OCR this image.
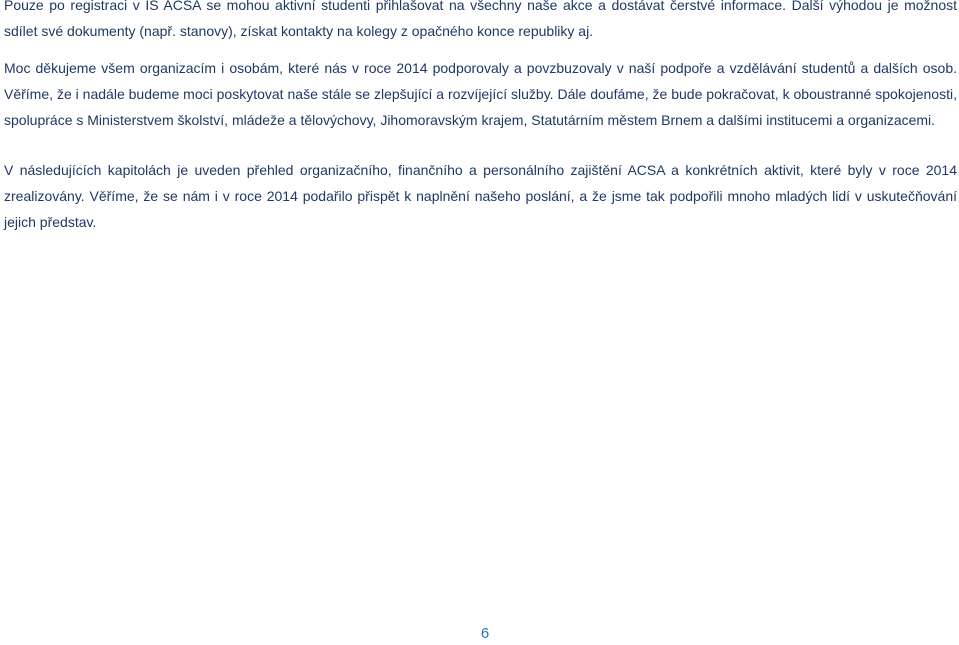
Pouze po registraci v IS ACSA se mohou aktivní studenti přihlašovat na všechny naše akce a dostávat čerstvé informace. Další výhodou je možnost sdílet své dokumenty (např. stanovy), získat kontakty na kolegy z opačného konce republiky aj.

Moc děkujeme všem organizacím i osobám, které nás v roce 2014 podporovaly a povzbuzovaly v naší podpoře a vzdělávání studentů a dalších osob. Věříme, že i nadále budeme moci poskytovat naše stále se zlepšující a rozvíjející služby. Dále doufáme, že bude pokračovat, k oboustranné spokojenosti, spolupráce s Ministerstvem školství, mládeže a tělovýchovy, Jihomoravským krajem, Statutárním městem Brnem a dalšími institucemi a organizacemi.

V následujících kapitolách je uveden přehled organizačního, finančního a personálního zajištění ACSA a konkrétních aktivit, které byly v roce 2014 zrealizovány. Věříme, že se nám i v roce 2014 podařilo přispět k naplnění našeho poslání, a že jsme tak podpořili mnoho mladých lidí v uskutečňování jejich představ.

6
